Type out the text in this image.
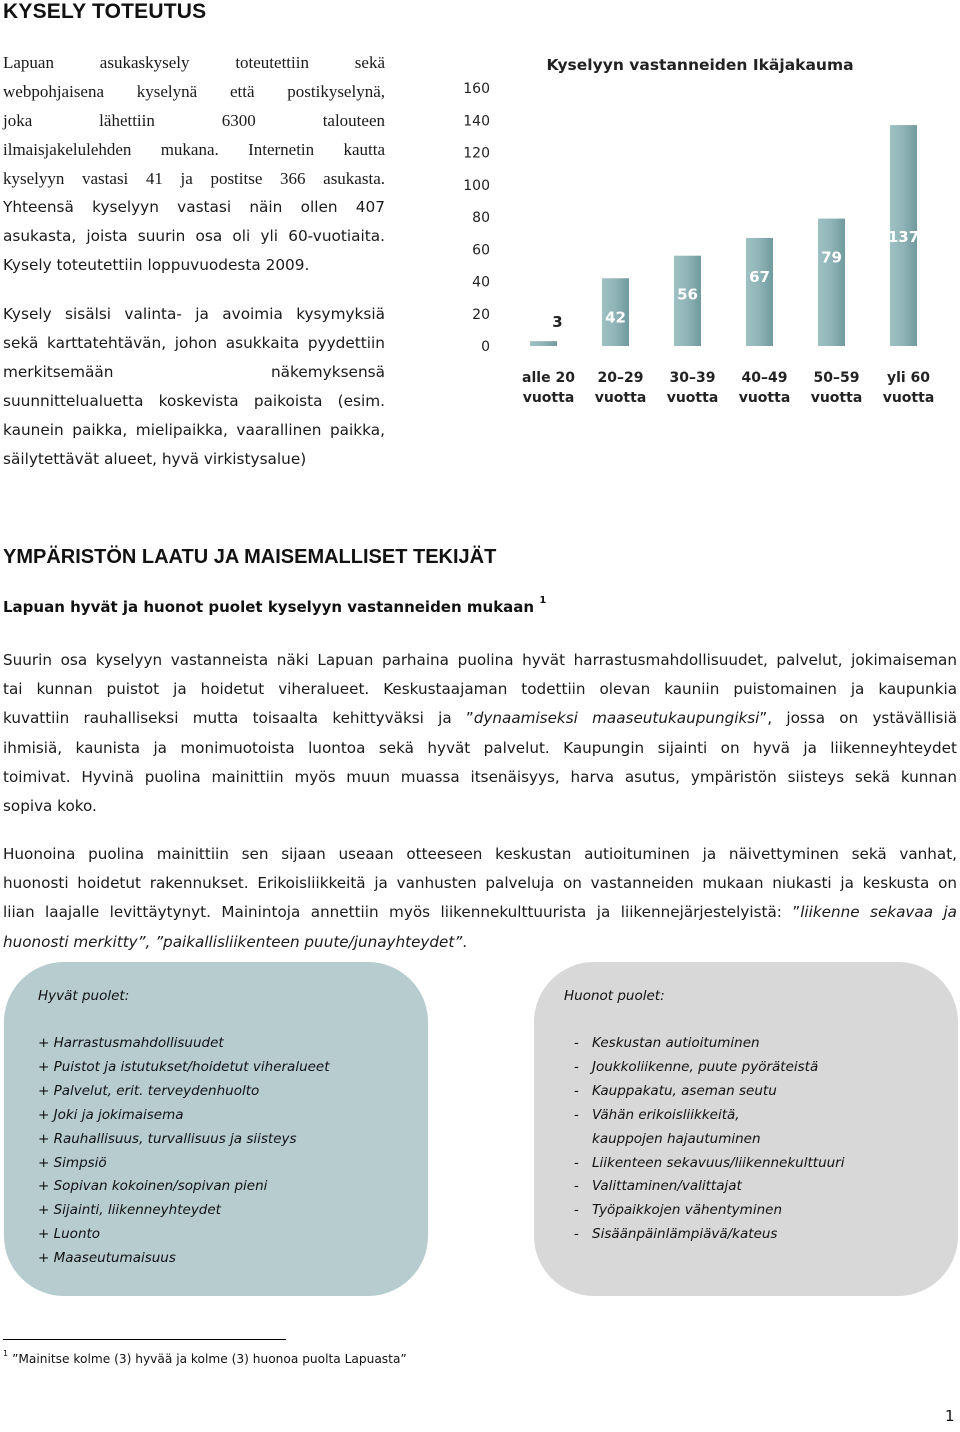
KYSELY TOTEUTUS
Lapuan asukaskysely toteutettiin sekä
webpohjaisena kyselynä että postikyselynä,
joka lähettiin 6300 talouteen
ilmaisjakelulehden mukana. Internetin kautta
kyselyyn vastasi 41 ja postitse 366 asukasta.
Yhteensä kyselyyn vastasi näin ollen 407
asukasta, joista suurin osa oli yli 60-vuotiaita.
Kysely toteutettiin loppuvuodesta 2009.
Kysely sisälsi valinta- ja avoimia kysymyksiä
sekä karttatehtävän, johon asukkaita pyydettiin
merkitsemään näkemyksensä
suunnittelualuetta koskevista paikoista (esim.
kaunein paikka, mielipaikka, vaarallinen paikka,
säilytettävät alueet, hyvä virkistysalue)
Kyselyyn vastanneiden Ikäjakauma
0
20
40
60
80
100
120
140
160
3
alle 20
vuotta
42
20–29
vuotta
56
30–39
vuotta
67
40–49
vuotta
79
50–59
vuotta
137
yli 60
vuotta
YMPÄRISTÖN LAATU JA MAISEMALLISET TEKIJÄT
Lapuan hyvät ja huonot puolet kyselyyn vastanneiden mukaan $^1$
Suurin osa kyselyyn vastanneista näki Lapuan parhaina puolina hyvät harrastusmahdollisuudet, palvelut, jokimaiseman
tai kunnan puistot ja hoidetut viheralueet. Keskustaajaman todettiin olevan kauniin puistomainen ja kaupunkia
kuvattiin rauhalliseksi mutta toisaalta kehittyväksi ja ”dynaamiseksi maaseutukaupungiksi”, jossa on ystävällisiä
ihmisiä, kaunista ja monimuotoista luontoa sekä hyvät palvelut. Kaupungin sijainti on hyvä ja liikenneyhteydet
toimivat. Hyvinä puolina mainittiin myös muun muassa itsenäisyys, harva asutus, ympäristön siisteys sekä kunnan
sopiva koko.
Huonoina puolina mainittiin sen sijaan useaan otteeseen keskustan autioituminen ja näivettyminen sekä vanhat,
huonosti hoidetut rakennukset. Erikoisliikkeitä ja vanhusten palveluja on vastanneiden mukaan niukasti ja keskusta on
liian laajalle levittäytynyt. Mainintoja annettiin myös liikennekulttuurista ja liikennejärjestelyistä: ”liikenne sekavaa ja
huonosti merkitty”, ”paikallisliikenteen puute/junayhteydet”.
Hyvät puolet:
+ Harrastusmahdollisuudet
+ Puistot ja istutukset/hoidetut viheralueet
+ Palvelut, erit. terveydenhuolto
+ Joki ja jokimaisema
+ Rauhallisuus, turvallisuus ja siisteys
+ Simpsiö
+ Sopivan kokoinen/sopivan pieni
+ Sijainti, liikenneyhteydet
+ Luonto
+ Maaseutumaisuus
Huonot puolet:
- Keskustan autioituminen
- Joukkoliikenne, puute pyöräteistä
- Kauppakatu, aseman seutu
- Vähän erikoisliikkeitä, kauppojen hajautuminen
- Liikenteen sekavuus/liikennekulttuuri
- Valittaminen/valittajat
- Työpaikkojen vähentyminen
- Sisäänpäinlämpiävä/kateus
$^1$ ”Mainitse kolme (3) hyvää ja kolme (3) huonoa puolta Lapuasta”
1
